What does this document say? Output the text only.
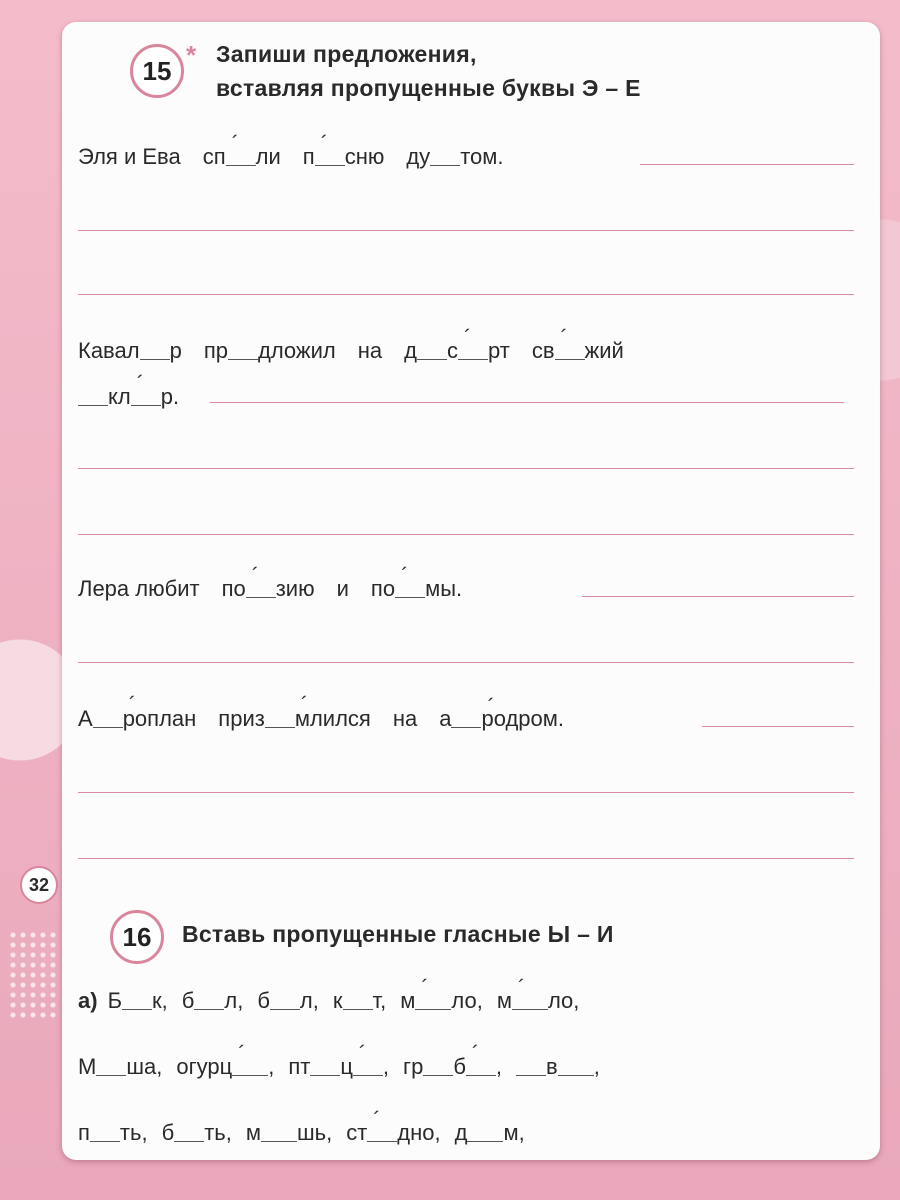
15
* Запиши предложения,
вставляя пропущенные буквы Э – Е
Эля и Ева сп ´ ли п ´ сню ду том.
Кавал р пр дложил на д с ´ рт св ´ жий
кл ´ р.
Лера любит по ´ зию и по ´ мы.
А ´ роплан приз ´ млился на а ´ родром.
16	Вставь пропущенные гласные Ы – И
а) Б к, б л, б л, к т, м ´ ло, м ´ ло,
М ша, огурц ´ , пт ц ´ , гр б ´ , в ,
п ть, б ть, м шь, ст ´ дно, д м,
32
